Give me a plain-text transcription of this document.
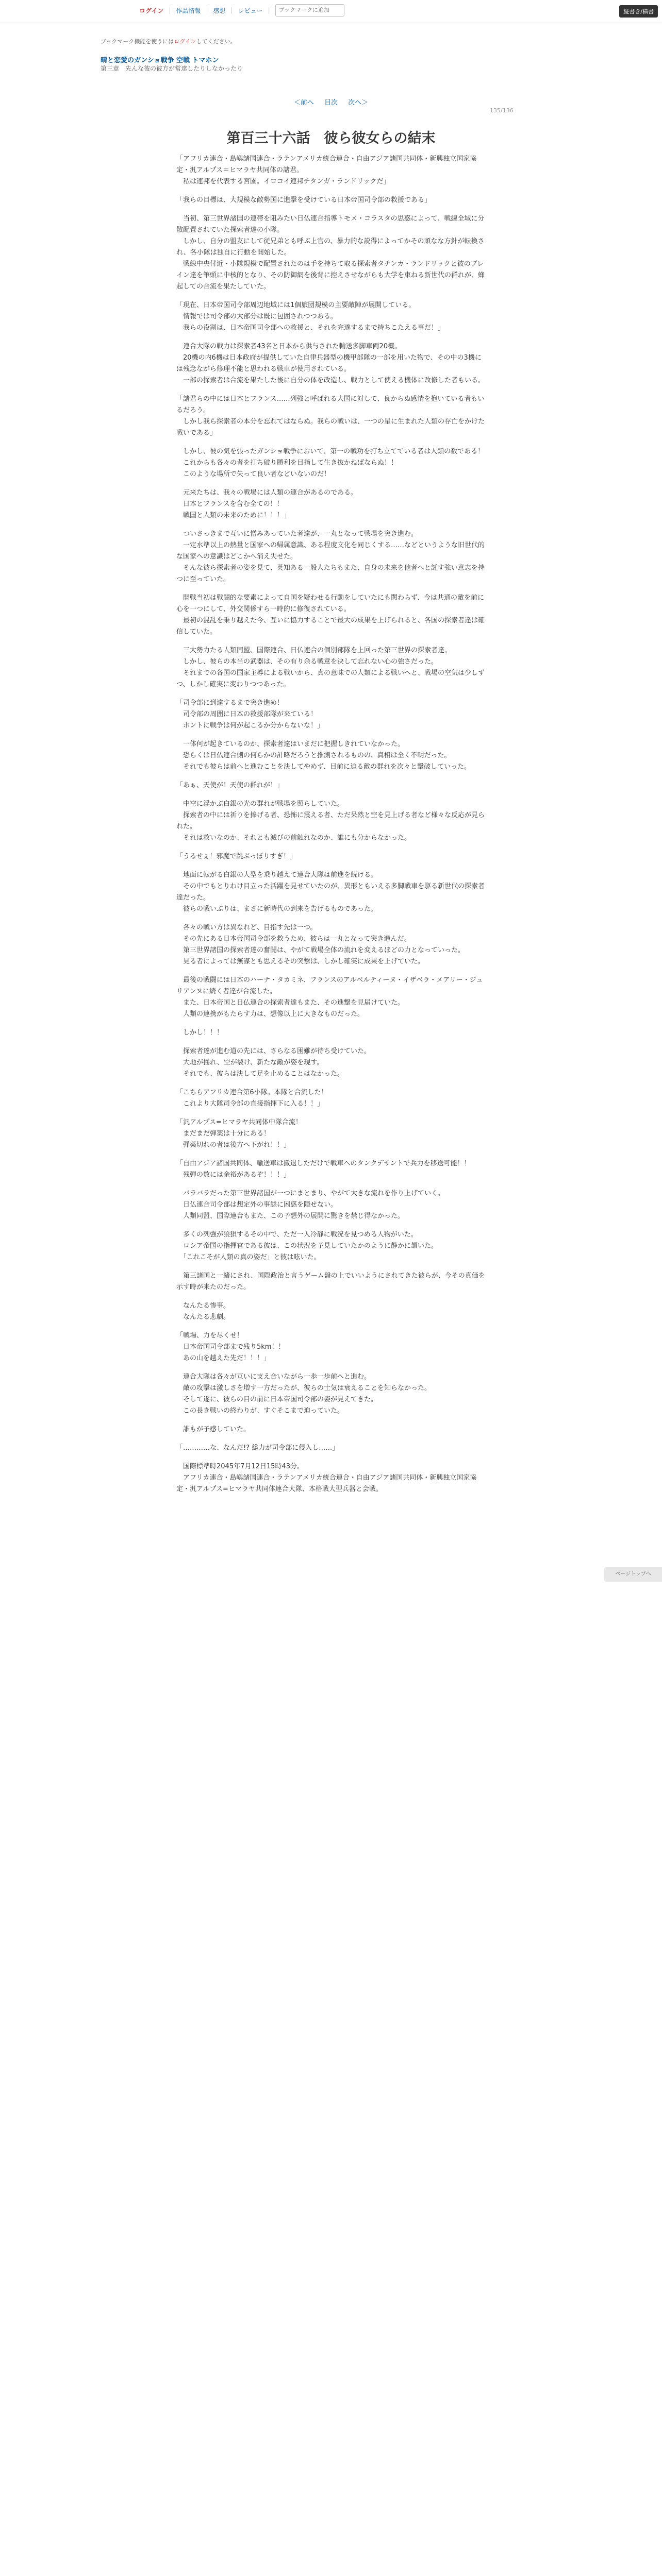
ログイン | 作品情報 | 感想 | レビュー |
ブックマークに追加	縦書き/横書
ブックマーク機能を使うにはログインしてください。
晴と恋愛のガンショ戦争 空戦 トマホン
第三章　先んな彼の彼方が常達したりしなかったり
＜前へ 目次 次へ＞
135/136
第百三十六話　彼ら彼女らの結末

「アフリカ連合・島嶼諸国連合・ラテンアメリカ統合連合・自由アジア諸国共同体・新興独立国家協定・汎アルプス＝ヒマラヤ共同体の諸君。
　私は連邦を代表する宮園。イロコイ連邦チタンガ・ランドリックだ」

「我らの目標は、大規模な敵勢国に進撃を受けている日本帝国司令部の救援である」

　当初、第三世界諸国の連帯を阻みたい日仏連合指導トモメ・コラスタの思惑によって、戦線全域に分散配置されていた探索者達の小隊。
　しかし、自分の盟友にして従兄弟とも呼ぶ上官の、暴力的な説得によってかその頑なな方針が転換され、各小隊は独自に行動を開始した。
　戦線中央付近・小隊規模で配置されたのは手を持ちて取る探索者タチンカ・ランドリックと彼のブレイン達を筆頭に中核的となり、その防御網を後背に控えさせながらも大学を束ねる新世代の群れが、蜂起しての合流を果たしていた。

「現在、日本帝国司令部周辺地域には1個旅団規模の主要敵陣が展開している。
　情報では司令部の大部分は既に包囲されつつある。
　我らの役割は、日本帝国司令部への救援と、それを完遂するまで持ちこたえる事だ！」

　連合大隊の戦力は探索者43名と日本から供与された輸送多脚車両20機。
　20機の内6機は日本政府が提供していた自律兵器型の機甲部隊の一部を用いた物で、その中の3機には残念ながら修理不能と思われる戦車が使用されている。
　一部の探索者は合流を果たした後に自分の体を改造し、戦力として使える機体に改修した者もいる。

「諸君らの中には日本とフランス……列強と呼ばれる大国に対して、良からぬ感情を抱いている者もいるだろう。
　しかし我ら探索者の本分を忘れてはならぬ。我らの戦いは、一つの星に生まれた人類の存亡をかけた戦いである」

　しかし、彼の気を張ったガンショ戦争において、第一の戦功を打ち立てている者は人類の数である！
　これからも各々の者を打ち破り勝利を目指して生き抜かねばならぬ！！
　このような場所で失って良い者などいないのだ！

　元来たちは、我々の戦場には人類の連合があるのである。
　日本とフランスを含む全ての！！
　戦国と人類の未来のために！！！」

　ついさっきまで互いに憎みあっていた者達が、一丸となって戦場を突き進む。
　一定水準以上の熱量と国家への帰属意識、ある程度文化を同じくする……などというような旧世代的な国家への意識はどこかへ消え失せた。
　そんな彼ら探索者の姿を見て、英知ある一般人たちもまた、自身の未来を他者へと託す強い意志を持つに至っていた。

　開戦当初は戦闘的な要素によって自国を疑わせる行動をしていたにも関わらず、今は共通の敵を前に心を一つにして、外交関係すら一時的に修復されている。
　最初の混乱を乗り越えた今、互いに協力することで最大の成果を上げられると、各国の探索者達は確信していた。

　三大勢力たる人類同盟、国際連合、日仏連合の個別部隊を上回った第三世界の探索者達。
　しかし、彼らの本当の武器は、その有り余る戦意を決して忘れない心の強さだった。
　それまでの各国の国家主導による戦いから、真の意味での人類による戦いへと、戦場の空気は少しずつ、しかし確実に変わりつつあった。

「司令部に到達するまで突き進め！
　司令部の周囲に日本の救援部隊が来ている！
　ホントに戦争は何が起こるか分からないな！」

　一体何が起きているのか、探索者達はいまだに把握しきれていなかった。
　恐らくは日仏連合側の何らかの計略だろうと推測されるものの、真相は全く不明だった。
　それでも彼らは前へと進むことを決してやめず、目前に迫る敵の群れを次々と撃破していった。

「あぁ、天使が！天使の群れが！」

　中空に浮かぶ白銀の光の群れが戦場を照らしていた。
　探索者の中には祈りを捧げる者、恐怖に震える者、ただ呆然と空を見上げる者など様々な反応が見られた。
　それは救いなのか、それとも滅びの前触れなのか、誰にも分からなかった。

「うるせぇ！邪魔で跳ぶっぽりすぎ！」

　地面に転がる白銀の人型を乗り越えて連合大隊は前進を続ける。
　その中でもとりわけ目立った活躍を見せていたのが、異形ともいえる多脚戦車を駆る新世代の探索者達だった。
　彼らの戦いぶりは、まさに新時代の到来を告げるものであった。

　各々の戦い方は異なれど、目指す先は一つ。
　その先にある日本帝国司令部を救うため、彼らは一丸となって突き進んだ。
　第三世界諸国の探索者達の奮闘は、やがて戦場全体の流れを変えるほどの力となっていった。
　見る者によっては無謀とも思えるその突撃は、しかし確実に成果を上げていた。

　最後の戦闘には日本のハーナ・タカミネ、フランスのアルベルティーヌ・イザベラ・メアリー・ジュリアンヌに続く者達が合流した。
　また、日本帝国と日仏連合の探索者達もまた、その進撃を見届けていた。
　人類の連携がもたらす力は、想像以上に大きなものだった。

　しかし！！！

　探索者達が進む道の先には、さらなる困難が待ち受けていた。
　大地が揺れ、空が裂け、新たな敵が姿を現す。
　それでも、彼らは決して足を止めることはなかった。

「こちらアフリカ連合第6小隊。本隊と合流した！
　これより大隊司令部の直接指揮下に入る！！」

「汎アルプス=ヒマラヤ共同体中隊合流！
　まだまだ弾薬は十分にある！
　弾薬切れの者は後方へ下がれ！！」

「自由アジア諸国共同体、輸送車は撤退しただけで戦車へのタンクデサントで兵力を移送可能！！
　残弾の数には余裕があるぞ！！！」

　バラバラだった第三世界諸国が一つにまとまり、やがて大きな流れを作り上げていく。
　日仏連合司令部は想定外の事態に困惑を隠せない。
　人類同盟、国際連合もまた、この予想外の展開に驚きを禁じ得なかった。

　多くの列強が狼狽するその中で、ただ一人冷静に戦況を見つめる人物がいた。
　ロシア帝国の指揮官である彼は、この状況を予見していたかのように静かに頷いた。
　「これこそが人類の真の姿だ」と彼は呟いた。

　第三諸国と一緒にされ、国際政治と言うゲーム盤の上でいいようにされてきた彼らが、今その真価を示す時が来たのだった。

　なんたる惨事。
　なんたる悲劇。

「戦場、力を尽くせ！
　日本帝国司令部まで残り5km！！
　あの山を越えた先だ！！！」

　連合大隊は各々が互いに支え合いながら一歩一歩前へと進む。
　敵の攻撃は激しさを増す一方だったが、彼らの士気は衰えることを知らなかった。
　そして遂に、彼らの目の前に日本帝国司令部の姿が見えてきた。
　この長き戦いの終わりが、すぐそこまで迫っていた。

　誰もが予感していた。

「…………な、なんだ!? 総力が司令部に侵入し……」

　国際標準時2045年7月12日15時43分。
　アフリカ連合・島嶼諸国連合・ラテンアメリカ統合連合・自由アジア諸国共同体・新興独立国家協定・汎アルプス=ヒマラヤ共同体連合大隊、本格戦大型兵器と会戦。

ページトップへ
